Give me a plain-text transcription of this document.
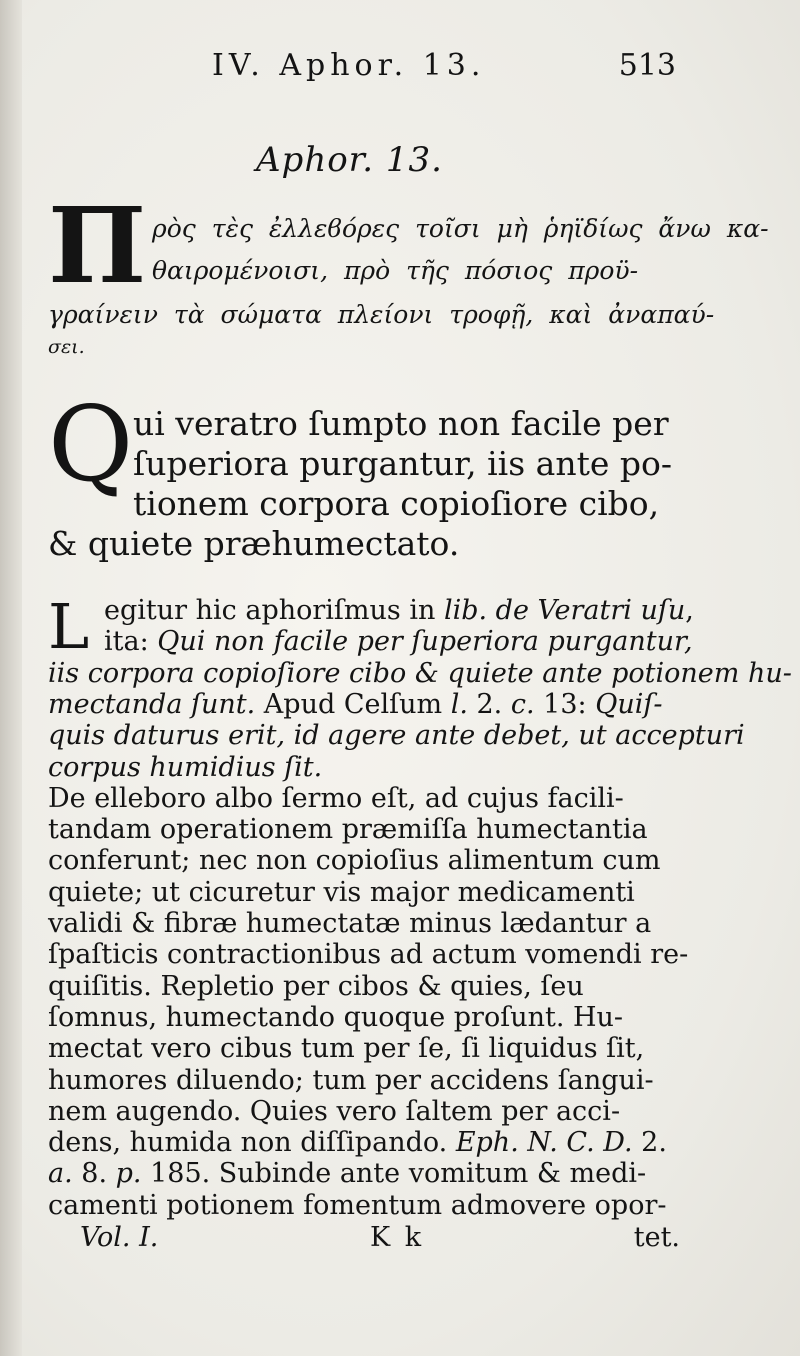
IV. Aphor. 13.	513
Aphor. 13.
Π ρὸς τὲς ἐλλεϐόρες τοῖσι μὴ ῥηϊδίως ἄνω κα-
θαιρομένοισι, πρὸ τῆς πόσιος προϋ-
γραίνειν τὰ σώματα πλείονι τροφῇ, καὶ ἀναπαύ-
σει.
Q ui veratro ſumpto non facile per
ſuperiora purgantur, iis ante po-
tionem corpora copioſiore cibo,
& quiete præhumectato.
L egitur hic aphoriſmus in lib. de Veratri uſu,
ita: Qui non facile per ſuperiora purgantur,
iis corpora copioſiore cibo & quiete ante potionem hu-
mectanda ſunt. Apud Celſum l. 2. c. 13: Quiſ-
quis daturus erit, id agere ante debet, ut accepturi
corpus humidius ſit.
De elleboro albo ſermo eſt, ad cujus facili-
tandam operationem præmiſſa humectantia
conferunt; nec non copioſius alimentum cum
quiete; ut cicuretur vis major medicamenti
validi & fibræ humectatæ minus lædantur a
ſpaſticis contractionibus ad actum vomendi re-
quiſitis. Repletio per cibos & quies, ſeu
ſomnus, humectando quoque proſunt. Hu-
mectat vero cibus tum per ſe, ſi liquidus ſit,
humores diluendo; tum per accidens ſangui-
nem augendo. Quies vero ſaltem per acci-
dens, humida non diſſipando. Eph. N. C. D. 2.
a. 8. p. 185. Subinde ante vomitum & medi-
camenti potionem fomentum admovere opor-
Vol. I.	K k	tet.
